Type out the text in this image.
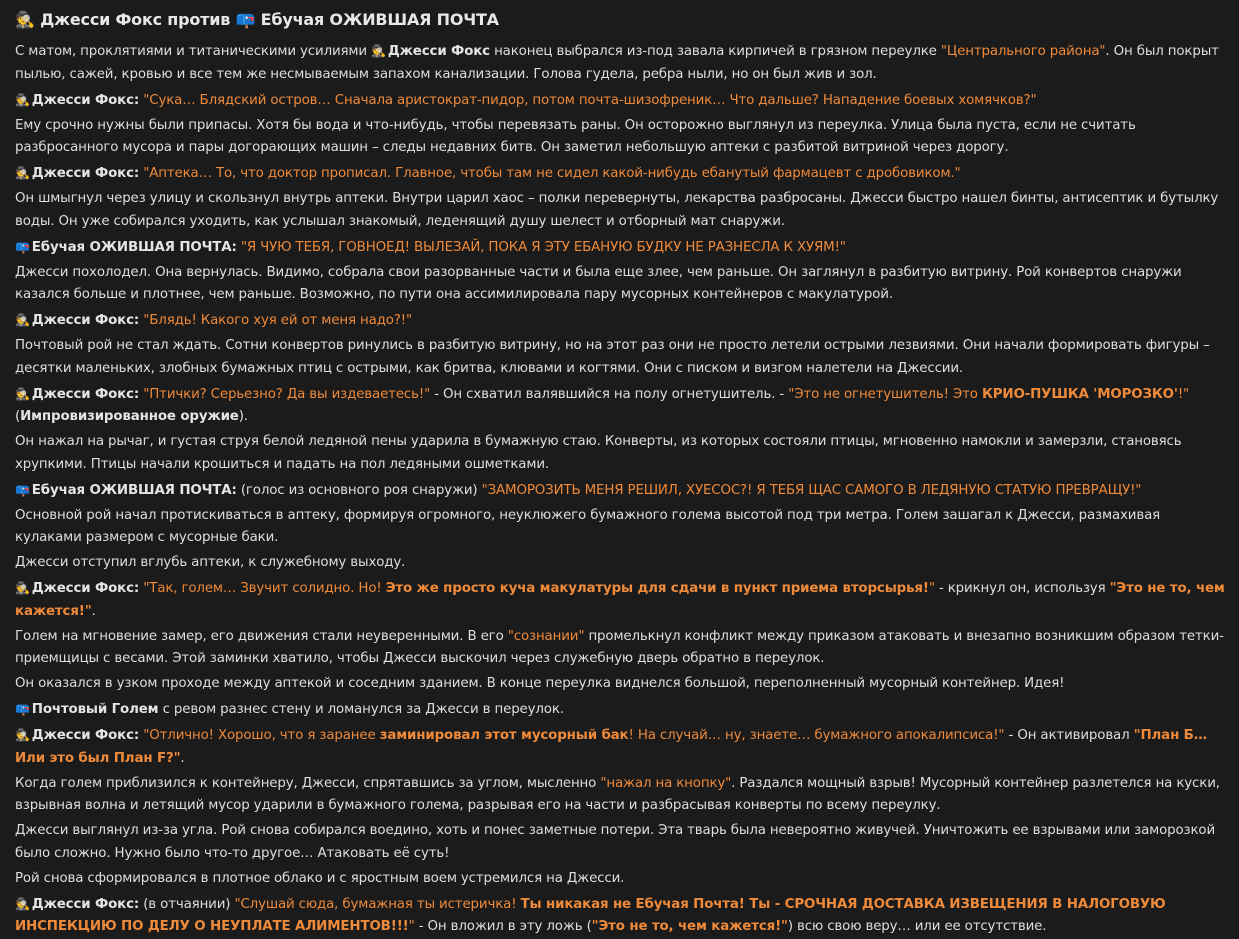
🕵 Джесси Фокс против 📪 Ебучая ОЖИВШАЯ ПОЧТА

С матом, проклятиями и титаническими усилиями 🕵 Джесси Фокс наконец выбрался из-под завала кирпичей в грязном переулке "Центрального района". Он был покрыт пылью, сажей, кровью и все тем же несмываемым запахом канализации. Голова гудела, ребра ныли, но он был жив и зол.

🕵 Джесси Фокс: "Сука… Блядский остров… Сначала аристократ-пидор, потом почта-шизофреник… Что дальше? Нападение боевых хомячков?"

Ему срочно нужны были припасы. Хотя бы вода и что-нибудь, чтобы перевязать раны. Он осторожно выглянул из переулка. Улица была пуста, если не считать разбросанного мусора и пары догорающих машин – следы недавних битв. Он заметил небольшую аптеки с разбитой витриной через дорогу.

🕵 Джесси Фокс: "Аптека… То, что доктор прописал. Главное, чтобы там не сидел какой-нибудь ебанутый фармацевт с дробовиком."

Он шмыгнул через улицу и скользнул внутрь аптеки. Внутри царил хаос – полки перевернуты, лекарства разбросаны. Джесси быстро нашел бинты, антисептик и бутылку воды. Он уже собирался уходить, как услышал знакомый, леденящий душу шелест и отборный мат снаружи.

📪 Ебучая ОЖИВШАЯ ПОЧТА: "Я ЧУЮ ТЕБЯ, ГОВНОЕД! ВЫЛЕЗАЙ, ПОКА Я ЭТУ ЕБАНУЮ БУДКУ НЕ РАЗНЕСЛА К ХУЯМ!"

Джесси похолодел. Она вернулась. Видимо, собрала свои разорванные части и была еще злее, чем раньше. Он заглянул в разбитую витрину. Рой конвертов снаружи казался больше и плотнее, чем раньше. Возможно, по пути она ассимилировала пару мусорных контейнеров с макулатурой.

🕵 Джесси Фокс: "Блядь! Какого хуя ей от меня надо?!"

Почтовый рой не стал ждать. Сотни конвертов ринулись в разбитую витрину, но на этот раз они не просто летели острыми лезвиями. Они начали формировать фигуры – десятки маленьких, злобных бумажных птиц с острыми, как бритва, клювами и когтями. Они с писком и визгом налетели на Джессии.

🕵 Джесси Фокс: "Птички? Серьезно? Да вы издеваетесь!" - Он схватил валявшийся на полу огнетушитель. - "Это не огнетушитель! Это КРИО-ПУШКА 'МОРОЗКО'!"
(Импровизированное оружие).

Он нажал на рычаг, и густая струя белой ледяной пены ударила в бумажную стаю. Конверты, из которых состояли птицы, мгновенно намокли и замерзли, становясь хрупкими. Птицы начали крошиться и падать на пол ледяными ошметками.

📪 Ебучая ОЖИВШАЯ ПОЧТА: (голос из основного роя снаружи) "ЗАМОРОЗИТЬ МЕНЯ РЕШИЛ, ХУЕСОС?! Я ТЕБЯ ЩАС САМОГО В ЛЕДЯНУЮ СТАТУЮ ПРЕВРАЩУ!"

Основной рой начал протискиваться в аптеку, формируя огромного, неуклюжего бумажного голема высотой под три метра. Голем зашагал к Джесси, размахивая кулаками размером с мусорные баки.

Джесси отступил вглубь аптеки, к служебному выходу.

🕵 Джесси Фокс: "Так, голем… Звучит солидно. Но! Это же просто куча макулатуры для сдачи в пункт приема вторсырья!" - крикнул он, используя "Это не то, чем кажется!".

Голем на мгновение замер, его движения стали неуверенными. В его "сознании" промелькнул конфликт между приказом атаковать и внезапно возникшим образом тетки-приемщицы с весами. Этой заминки хватило, чтобы Джесси выскочил через служебную дверь обратно в переулок.

Он оказался в узком проходе между аптекой и соседним зданием. В конце переулка виднелся большой, переполненный мусорный контейнер. Идея!

📪 Почтовый Голем с ревом разнес стену и ломанулся за Джесси в переулок.

🕵 Джесси Фокс: "Отлично! Хорошо, что я заранее заминировал этот мусорный бак! На случай… ну, знаете… бумажного апокалипсиса!" - Он активировал "План Б… Или это был План F?".

Когда голем приблизился к контейнеру, Джесси, спрятавшись за углом, мысленно "нажал на кнопку". Раздался мощный взрыв! Мусорный контейнер разлетелся на куски, взрывная волна и летящий мусор ударили в бумажного голема, разрывая его на части и разбрасывая конверты по всему переулку.

Джесси выглянул из-за угла. Рой снова собирался воедино, хоть и понес заметные потери. Эта тварь была невероятно живучей. Уничтожить ее взрывами или заморозкой было сложно. Нужно было что-то другое… Атаковать её суть!

Рой снова сформировался в плотное облако и с яростным воем устремился на Джесси.

🕵 Джесси Фокс: (в отчаянии) "Слушай сюда, бумажная ты истеричка! Ты никакая не Ебучая Почта! Ты - СРОЧНАЯ ДОСТАВКА ИЗВЕЩЕНИЯ В НАЛОГОВУЮ ИНСПЕКЦИЮ ПО ДЕЛУ О НЕУПЛАТЕ АЛИМЕНТОВ!!!" - Он вложил в эту ложь ("Это не то, чем кажется!") всю свою веру… или ее отсутствие.
